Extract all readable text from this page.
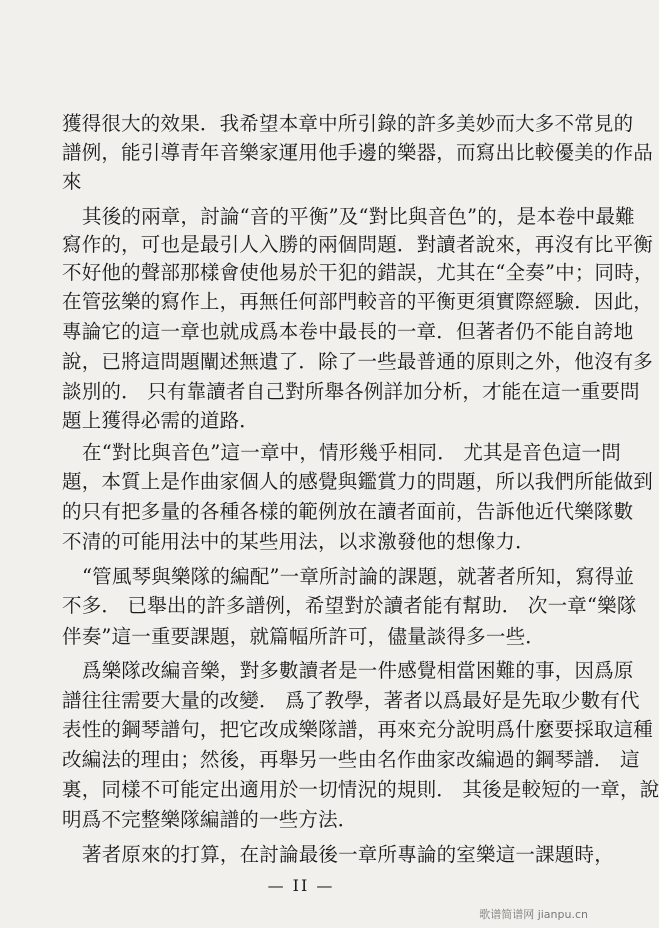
獲得很大的效果．我希望本章中所引錄的許多美妙而大多不常見的
譜例，能引導青年音樂家運用他手邊的樂器，而寫出比較優美的作品
來
其後的兩章，討論“音的平衡”及“對比與音色”的，是本卷中最難
寫作的，可也是最引人入勝的兩個問題．對讀者說來，再沒有比平衡
不好他的聲部那樣會使他易於干犯的錯誤，尤其在“全奏”中；同時，
在管弦樂的寫作上，再無任何部門較音的平衡更須實際經驗．因此，
專論它的這一章也就成爲本卷中最長的一章．但著者仍不能自誇地
說，已將這問題闡述無遺了．除了一些最普通的原則之外，他沒有多
談別的． 只有靠讀者自己對所舉各例詳加分析，才能在這一重要問
題上獲得必需的道路．
在“對比與音色”這一章中，情形幾乎相同． 尤其是音色這一問
題，本質上是作曲家個人的感覺與鑑賞力的問題，所以我們所能做到
的只有把多量的各種各樣的範例放在讀者面前，告訴他近代樂隊數
不清的可能用法中的某些用法，以求激發他的想像力．
“管風琴與樂隊的編配”一章所討論的課題，就著者所知，寫得並
不多． 已舉出的許多譜例，希望對於讀者能有幫助． 次一章“樂隊
伴奏”這一重要課題，就篇幅所許可，儘量談得多一些．
爲樂隊改編音樂，對多數讀者是一件感覺相當困難的事，因爲原
譜往往需要大量的改變． 爲了教學，著者以爲最好是先取少數有代
表性的鋼琴譜句，把它改成樂隊譜，再來充分說明爲什麼要採取這種
改編法的理由；然後，再舉另一些由名作曲家改編過的鋼琴譜． 這
裏，同樣不可能定出適用於一切情況的規則． 其後是較短的一章，說
明爲不完整樂隊編譜的一些方法．
著者原來的打算，在討論最後一章所專論的室樂這一課題時，
— II —
歌谱简谱网 jianpu.cn
